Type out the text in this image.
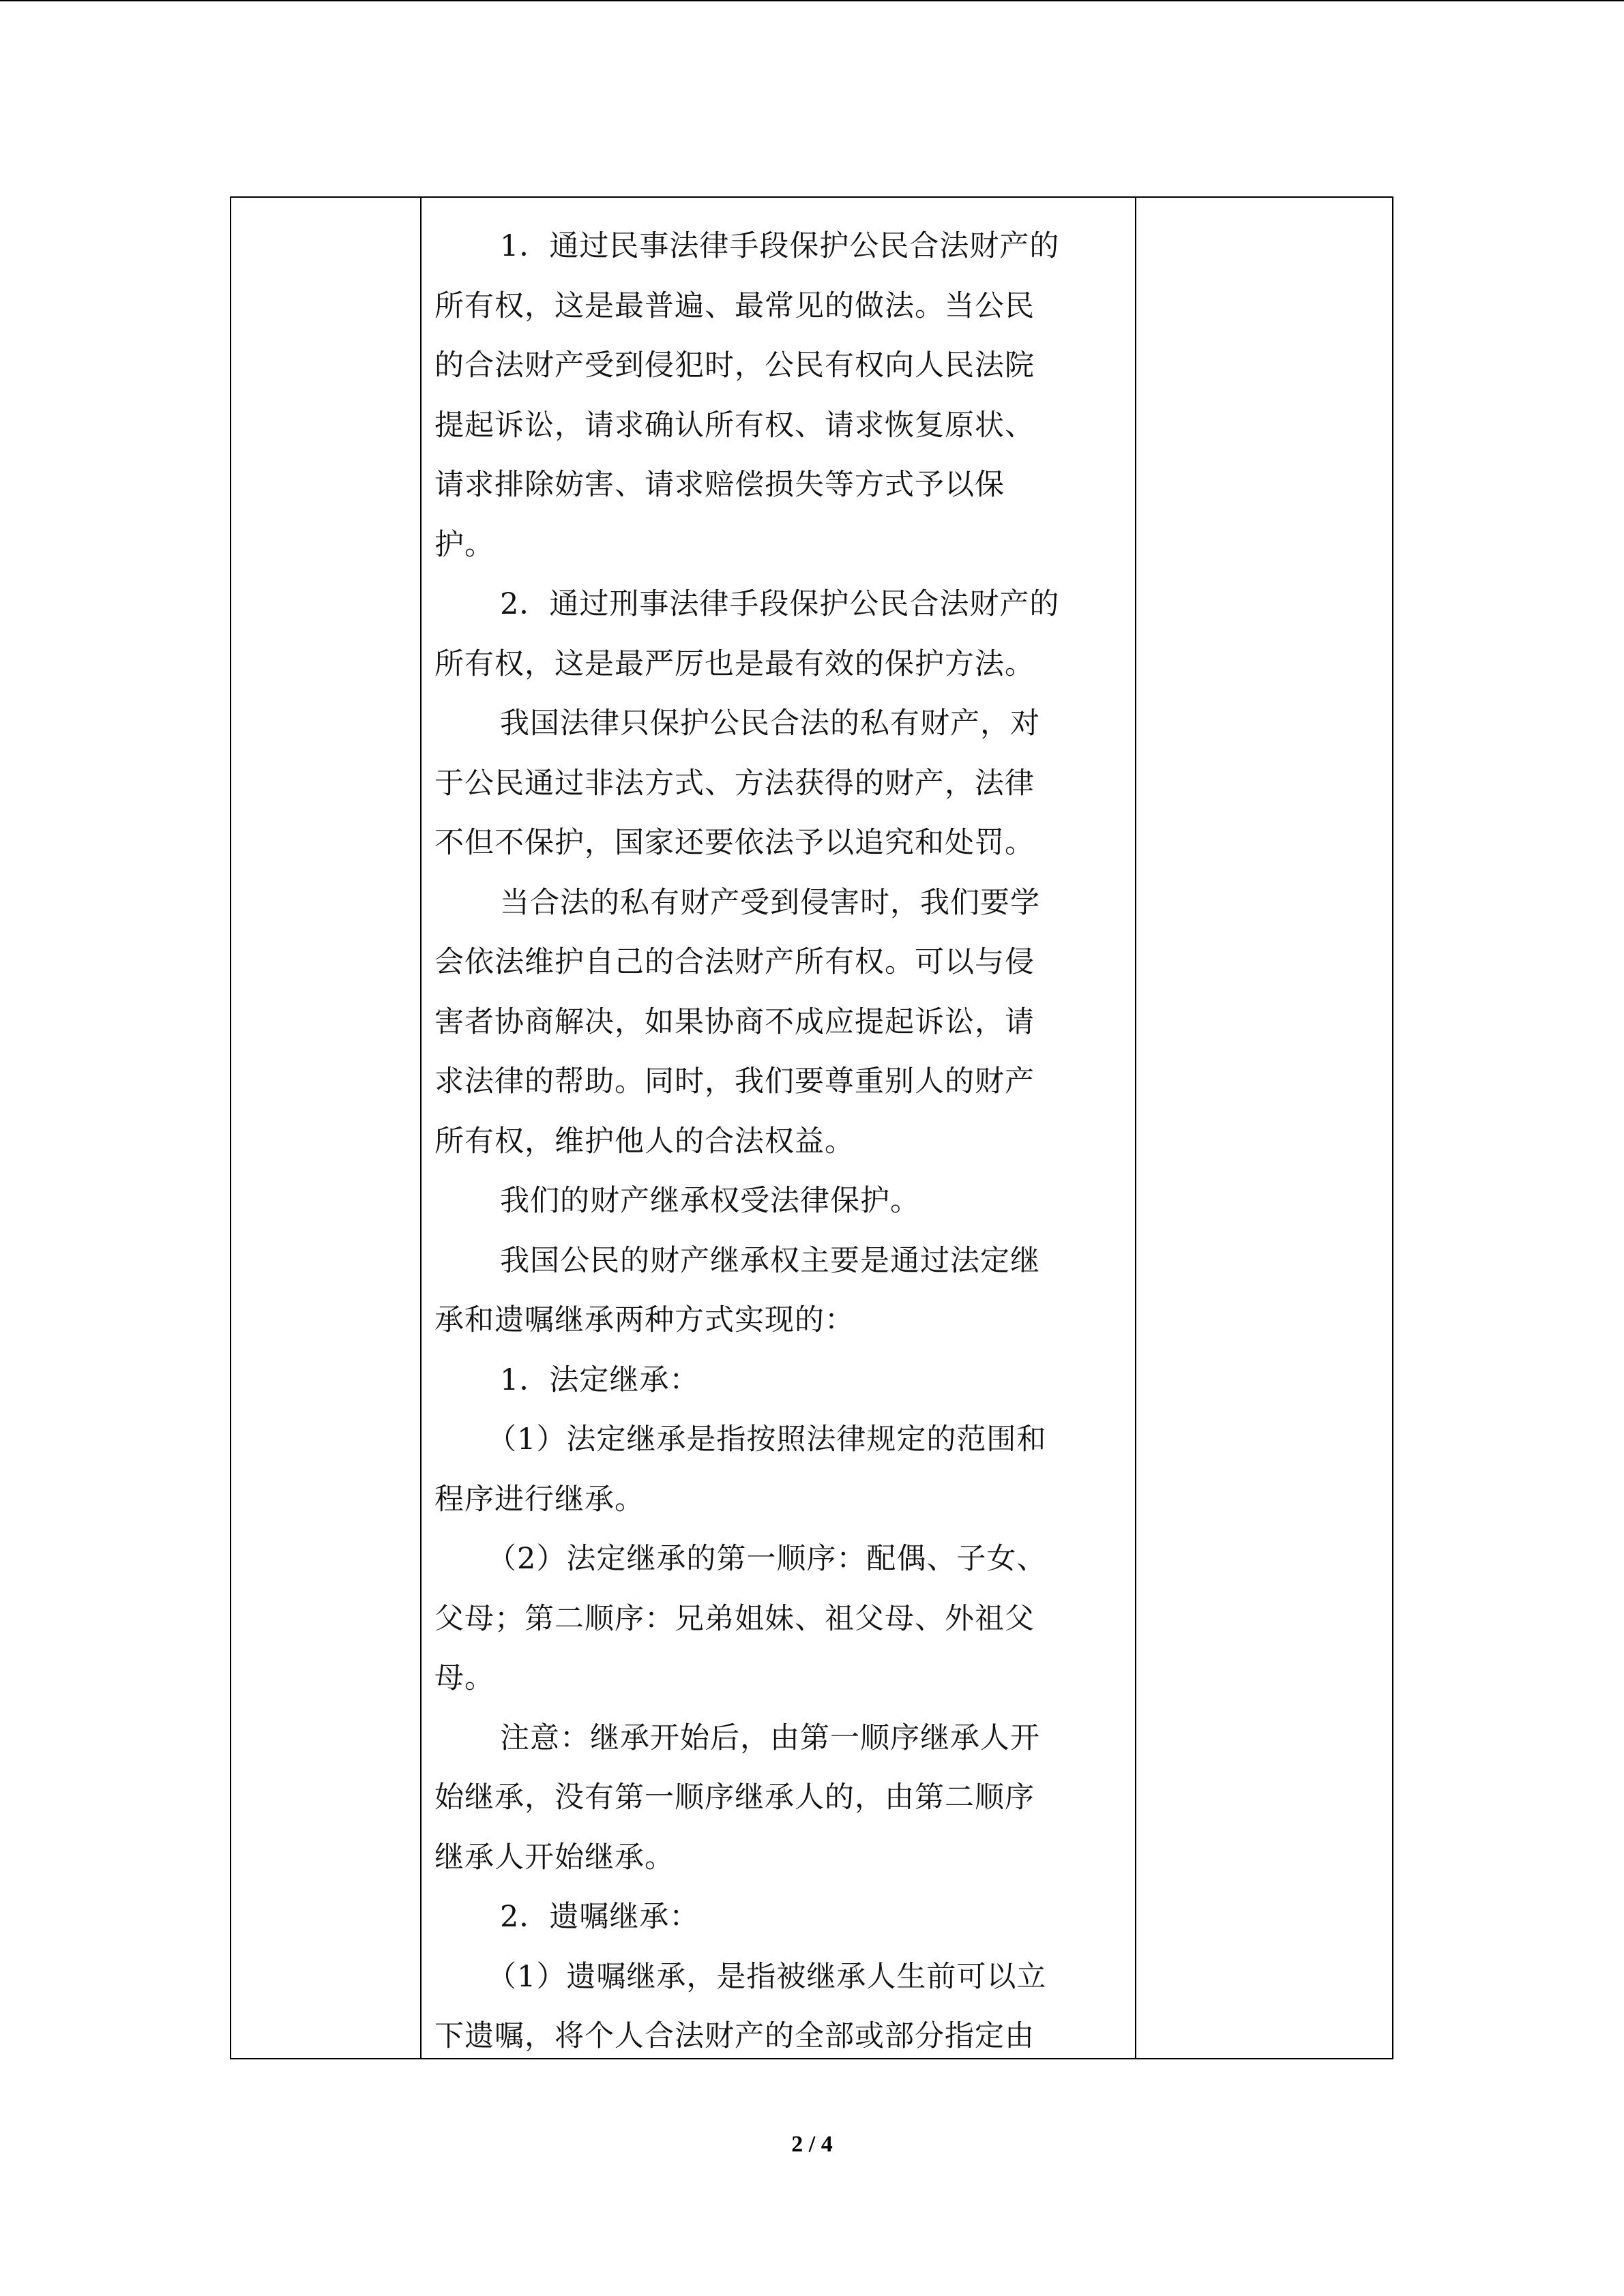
1．通过民事法律手段保护公民合法财产的

所有权，这是最普遍、最常见的做法。当公民

的合法财产受到侵犯时，公民有权向人民法院

提起诉讼，请求确认所有权、请求恢复原状、

请求排除妨害、请求赔偿损失等方式予以保

护。

2．通过刑事法律手段保护公民合法财产的

所有权，这是最严厉也是最有效的保护方法。

我国法律只保护公民合法的私有财产，对

于公民通过非法方式、方法获得的财产，法律

不但不保护，国家还要依法予以追究和处罚。

当合法的私有财产受到侵害时，我们要学

会依法维护自己的合法财产所有权。可以与侵

害者协商解决，如果协商不成应提起诉讼，请

求法律的帮助。同时，我们要尊重别人的财产

所有权，维护他人的合法权益。

我们的财产继承权受法律保护。

我国公民的财产继承权主要是通过法定继

承和遗嘱继承两种方式实现的：

1．法定继承：

（1）法定继承是指按照法律规定的范围和

程序进行继承。

（2）法定继承的第一顺序：配偶、子女、

父母；第二顺序：兄弟姐妹、祖父母、外祖父

母。

注意：继承开始后，由第一顺序继承人开

始继承，没有第一顺序继承人的，由第二顺序

继承人开始继承。

2．遗嘱继承：

（1）遗嘱继承，是指被继承人生前可以立

下遗嘱，将个人合法财产的全部或部分指定由

2 / 4
